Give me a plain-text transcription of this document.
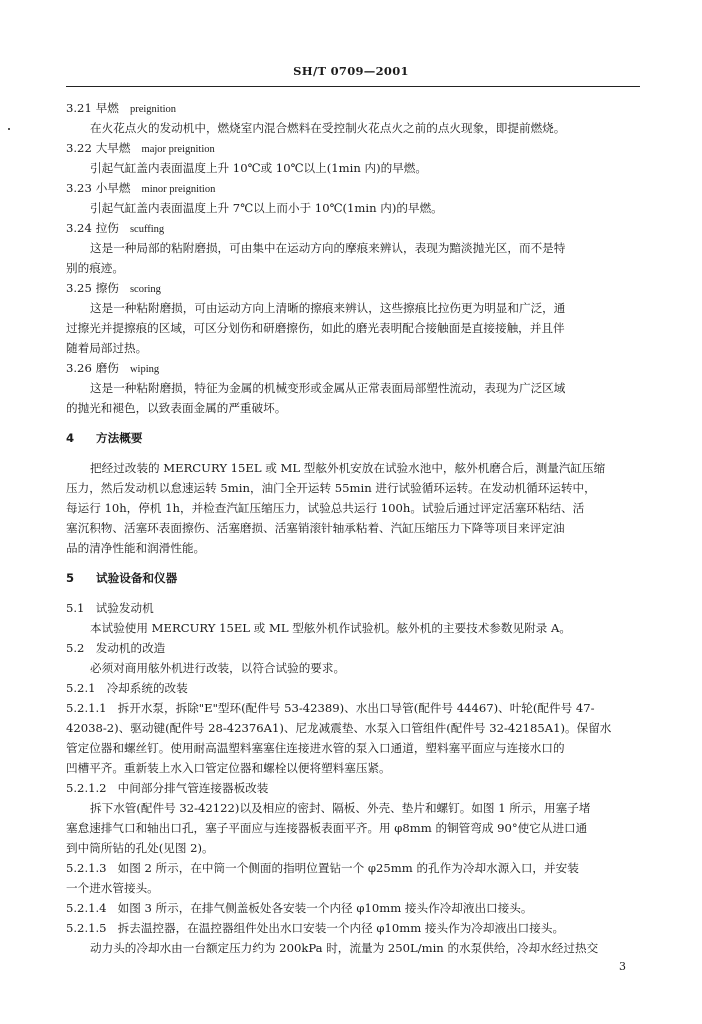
SH/T 0709—2001
3.21 早燃 preignition
在火花点火的发动机中，燃烧室内混合燃料在受控制火花点火之前的点火现象，即提前燃烧。
3.22 大早燃 major preignition
引起气缸盖内表面温度上升 10℃或 10℃以上(1min 内)的早燃。
3.23 小早燃 minor preignition
引起气缸盖内表面温度上升 7℃以上而小于 10℃(1min 内)的早燃。
3.24 拉伤 scuffing
这是一种局部的粘附磨损，可由集中在运动方向的摩痕来辨认，表现为黯淡抛光区，而不是特
别的痕迹。
3.25 擦伤 scoring
这是一种粘附磨损，可由运动方向上清晰的擦痕来辨认，这些擦痕比拉伤更为明显和广泛，通
过擦光并提擦痕的区域，可区分划伤和研磨擦伤，如此的磨光表明配合接触面是直接接触，并且伴
随着局部过热。
3.26 磨伤 wiping
这是一种粘附磨损，特征为金属的机械变形或金属从正常表面局部塑性流动，表现为广泛区域
的抛光和褪色，以致表面金属的严重破坏。
4 方法概要
把经过改装的 MERCURY 15EL 或 ML 型舷外机安放在试验水池中，舷外机磨合后，测量汽缸压缩
压力，然后发动机以怠速运转 5min，油门全开运转 55min 进行试验循环运转。在发动机循环运转中，
每运行 10h，停机 1h，并检查汽缸压缩压力，试验总共运行 100h。试验后通过评定活塞环粘结、活
塞沉积物、活塞环表面擦伤、活塞磨损、活塞销滚针轴承粘着、汽缸压缩压力下降等项目来评定油
品的清净性能和润滑性能。
5 试验设备和仪器
5.1 试验发动机
本试验使用 MERCURY 15EL 或 ML 型舷外机作试验机。舷外机的主要技术参数见附录 A。
5.2 发动机的改造
必须对商用舷外机进行改装，以符合试验的要求。
5.2.1 冷却系统的改装
5.2.1.1 拆开水泵，拆除"E"型环(配件号 53-42389)、水出口导管(配件号 44467)、叶轮(配件号 47-
42038-2)、驱动键(配件号 28-42376A1)、尼龙减震垫、水泵入口管组件(配件号 32-42185A1)。保留水
管定位器和螺丝钉。使用耐高温塑料塞塞住连接进水管的泵入口通道，塑料塞平面应与连接水口的
凹槽平齐。重新装上水入口管定位器和螺栓以便将塑料塞压紧。
5.2.1.2 中间部分排气管连接器板改装
拆下水管(配件号 32-42122)以及相应的密封、隔板、外壳、垫片和螺钉。如图 1 所示，用塞子堵
塞怠速排气口和轴出口孔，塞子平面应与连接器板表面平齐。用 φ8mm 的铜管弯成 90°使它从进口通
到中筒所钻的孔处(见图 2)。
5.2.1.3 如图 2 所示，在中筒一个侧面的指明位置钻一个 φ25mm 的孔作为冷却水源入口，并安装
一个进水管接头。
5.2.1.4 如图 3 所示，在排气侧盖板处各安装一个内径 φ10mm 接头作冷却液出口接头。
5.2.1.5 拆去温控器，在温控器组件处出水口安装一个内径 φ10mm 接头作为冷却液出口接头。
动力头的冷却水由一台额定压力约为 200kPa 时，流量为 250L/min 的水泵供给，冷却水经过热交
3
